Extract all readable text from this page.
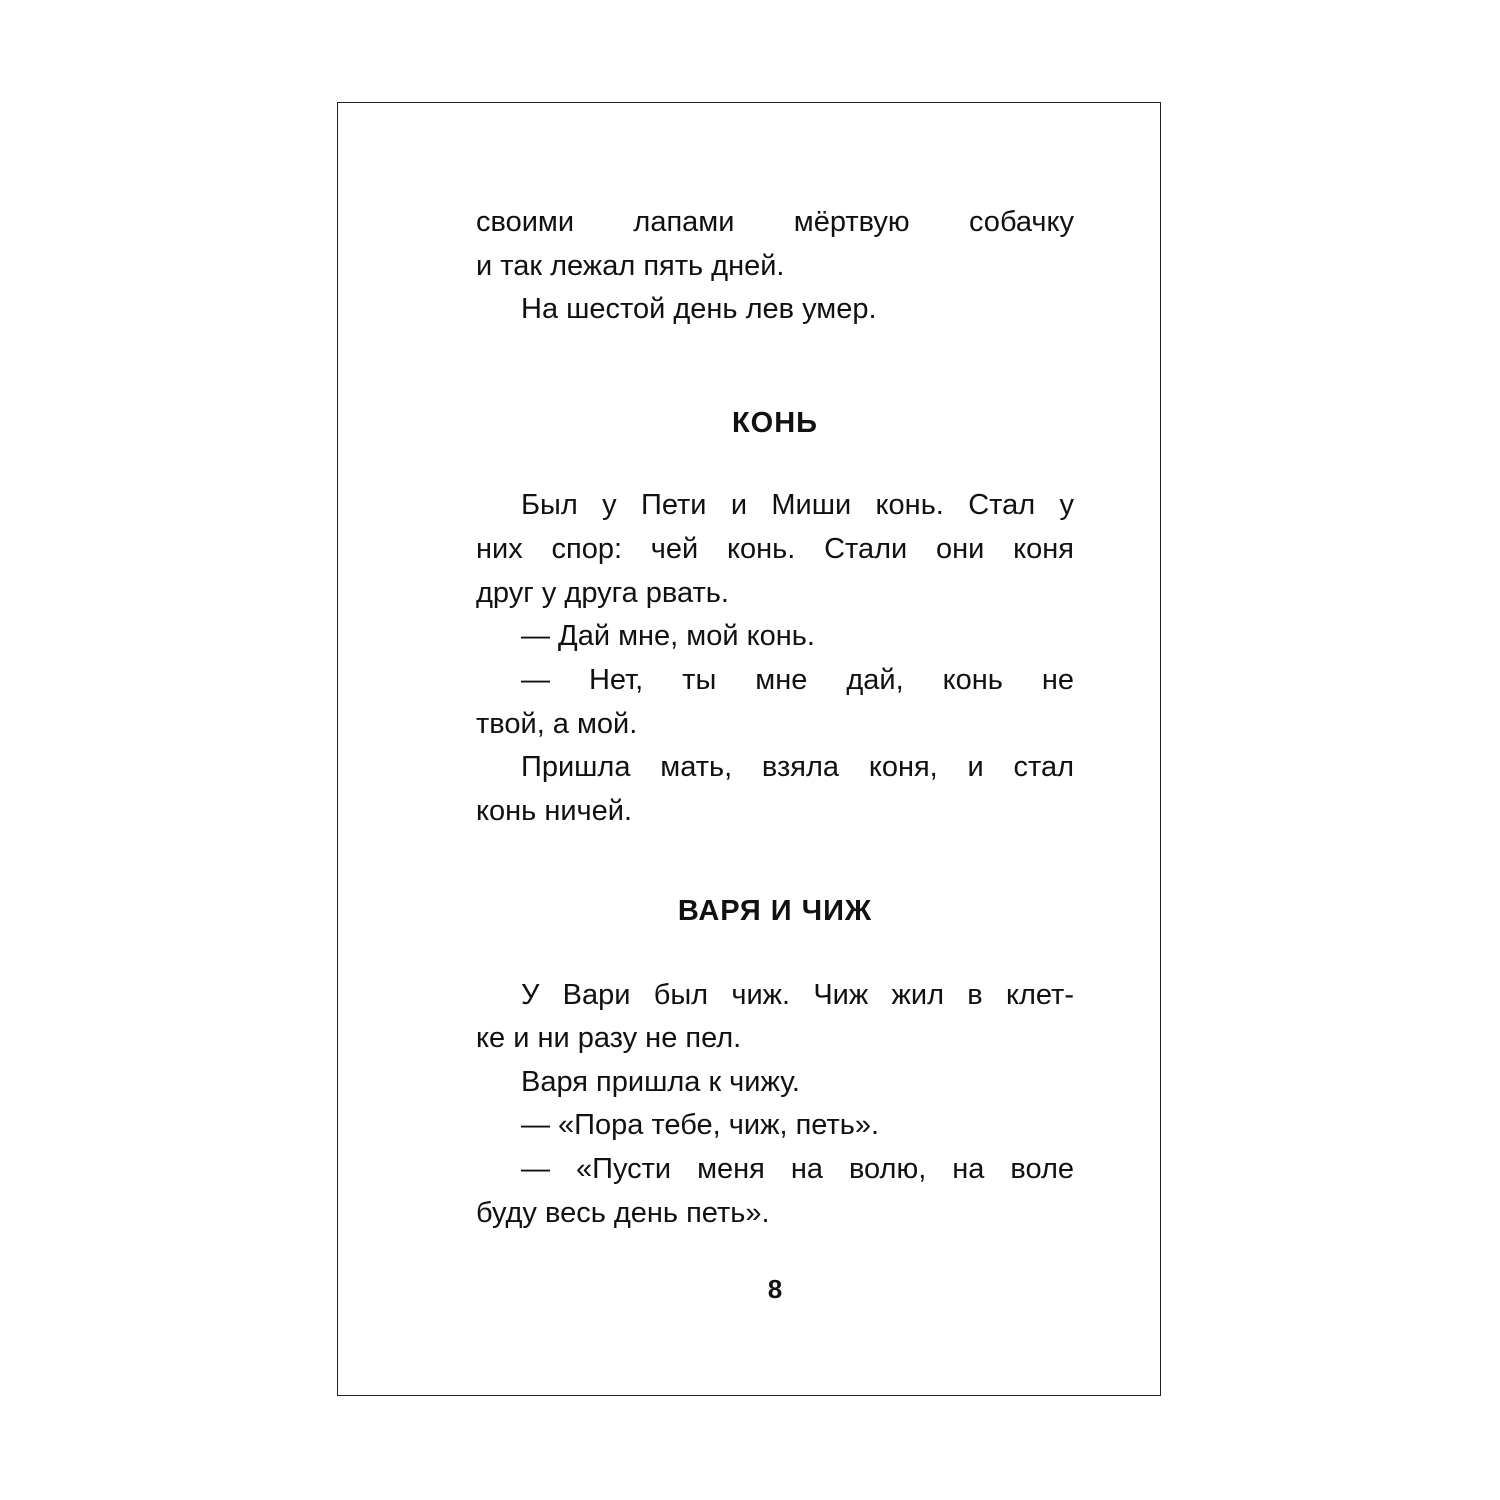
своими лапами мёртвую собачку
и так лежал пять дней.
На шестой день лев умер.
КОНЬ
Был у Пети и Миши конь. Стал у
них спор: чей конь. Стали они коня
друг у друга рвать.
— Дай мне, мой конь.
— Нет, ты мне дай, конь не
твой, а мой.
Пришла мать, взяла коня, и стал
конь ничей.
ВАРЯ И ЧИЖ
У Вари был чиж. Чиж жил в клет-
ке и ни разу не пел.
Варя пришла к чижу.
— «Пора тебе, чиж, петь».
— «Пусти меня на волю, на воле
буду весь день петь».
8
